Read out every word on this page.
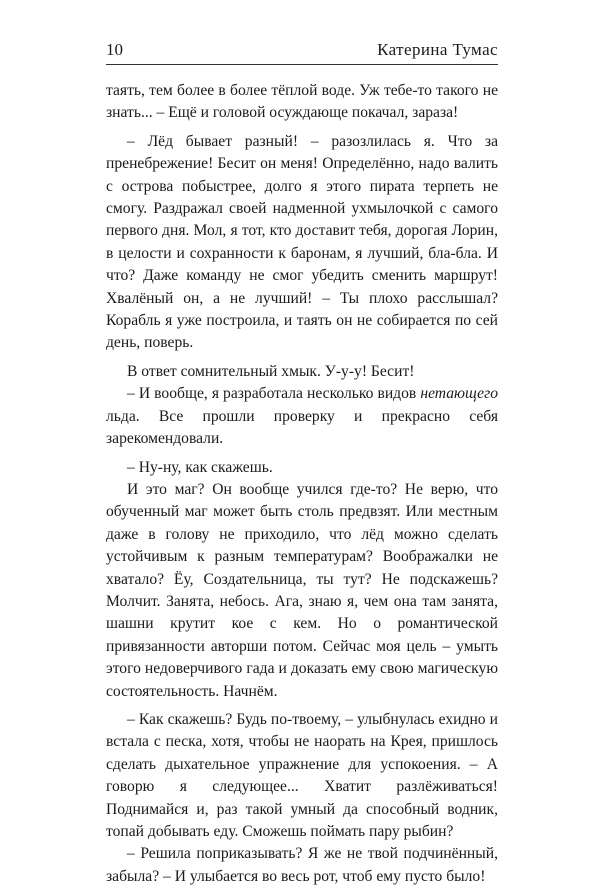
10	Катерина Тумас

таять, тем более в более тёплой воде. Уж тебе-то такого не знать... – Ещё и головой осуждающе покачал, зараза!

– Лёд бывает разный! – разозлилась я. Что за пренебрежение! Бесит он меня! Определённо, надо валить с острова побыстрее, долго я этого пирата терпеть не смогу. Раздражал своей надменной ухмылочкой с самого первого дня. Мол, я тот, кто доставит тебя, дорогая Лорин, в целости и сохранности к баронам, я лучший, бла-бла. И что? Даже команду не смог убедить сменить маршрут! Хвалёный он, а не лучший! – Ты плохо расслышал? Корабль я уже построила, и таять он не собирается по сей день, поверь.

В ответ сомнительный хмык. У-у-у! Бесит!

– И вообще, я разработала несколько видов нетающего льда. Все прошли проверку и прекрасно себя зарекомендовали.

– Ну-ну, как скажешь.

И это маг? Он вообще учился где-то? Не верю, что обученный маг может быть столь предвзят. Или местным даже в голову не приходило, что лёд можно сделать устойчивым к разным температурам? Воображалки не хватало? Ёу, Создательница, ты тут? Не подскажешь? Молчит. Занята, небось. Ага, знаю я, чем она там занята, шашни крутит кое с кем. Но о романтической привязанности авторши потом. Сейчас моя цель – умыть этого недоверчивого гада и доказать ему свою магическую состоятельность. Начнём.

– Как скажешь? Будь по-твоему, – улыбнулась ехидно и встала с песка, хотя, чтобы не наорать на Крея, пришлось сделать дыхательное упражнение для успокоения. – А говорю я следующее... Хватит разлёживаться! Поднимайся и, раз такой умный да способный водник, топай добывать еду. Сможешь поймать пару рыбин?

– Решила поприказывать? Я же не твой подчинённый, забыла? – И улыбается во весь рот, чтоб ему пусто было!
